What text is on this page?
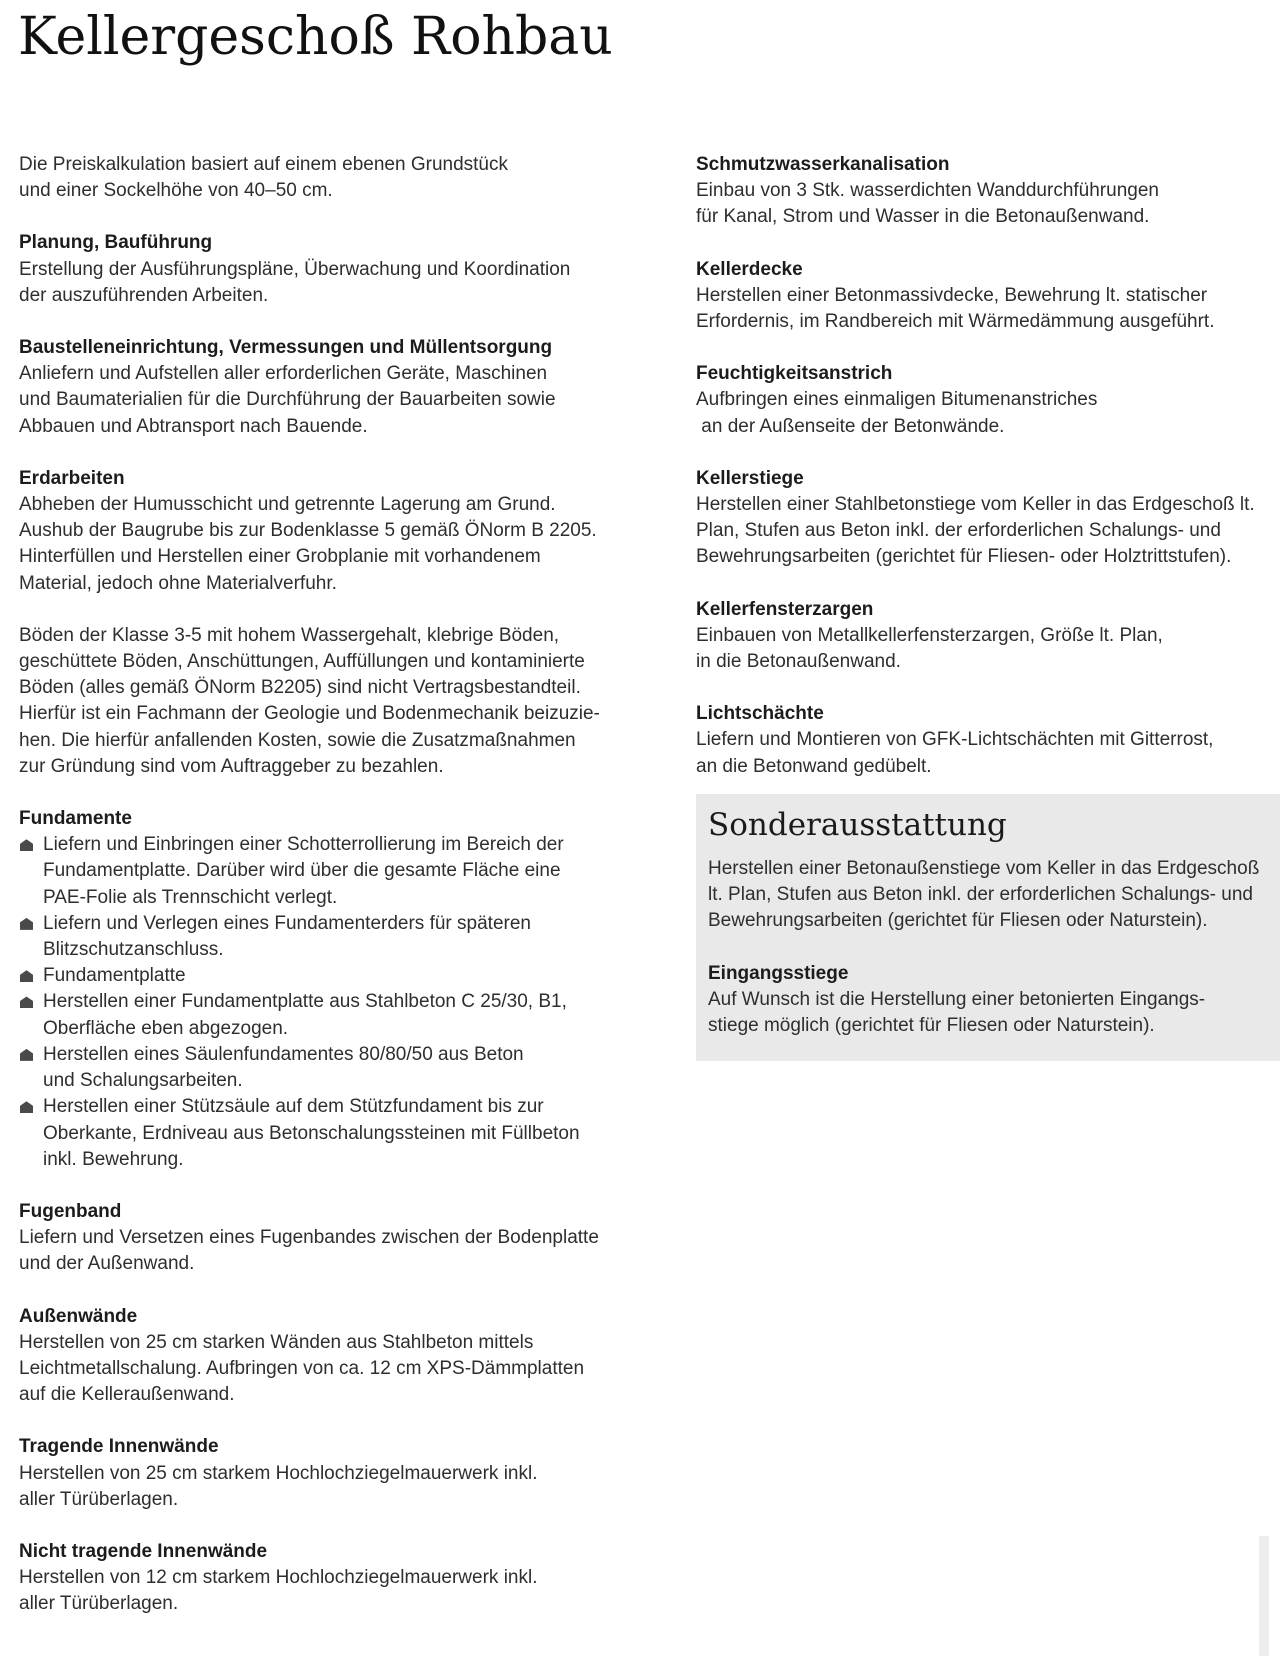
Kellergeschoß Rohbau
Die Preiskalkulation basiert auf einem ebenen Grundstück
und einer Sockelhöhe von 40–50 cm.
Planung, Bauführung
Erstellung der Ausführungspläne, Überwachung und Koordination
der auszuführenden Arbeiten.
Baustelleneinrichtung, Vermessungen und Müllentsorgung
Anliefern und Aufstellen aller erforderlichen Geräte, Maschinen
und Baumaterialien für die Durchführung der Bauarbeiten sowie
Abbauen und Abtransport nach Bauende.
Erdarbeiten
Abheben der Humusschicht und getrennte Lagerung am Grund.
Aushub der Baugrube bis zur Bodenklasse 5 gemäß ÖNorm B 2205.
Hinterfüllen und Herstellen einer Grobplanie mit vorhandenem
Material, jedoch ohne Materialverfuhr.
Böden der Klasse 3-5 mit hohem Wassergehalt, klebrige Böden,
geschüttete Böden, Anschüttungen, Auffüllungen und kontaminierte
Böden (alles gemäß ÖNorm B2205) sind nicht Vertragsbestandteil.
Hierfür ist ein Fachmann der Geologie und Bodenmechanik beizuzie-
hen. Die hierfür anfallenden Kosten, sowie die Zusatzmaßnahmen
zur Gründung sind vom Auftraggeber zu bezahlen.
Fundamente
Liefern und Einbringen einer Schotterrollierung im Bereich der
Fundamentplatte. Darüber wird über die gesamte Fläche eine
PAE-Folie als Trennschicht verlegt.
Liefern und Verlegen eines Fundamenterders für späteren
Blitzschutzanschluss.
Fundamentplatte
Herstellen einer Fundamentplatte aus Stahlbeton C 25/30, B1,
Oberfläche eben abgezogen.
Herstellen eines Säulenfundamentes 80/80/50 aus Beton
und Schalungsarbeiten.
Herstellen einer Stützsäule auf dem Stützfundament bis zur
Oberkante, Erdniveau aus Betonschalungssteinen mit Füllbeton
inkl. Bewehrung.
Fugenband
Liefern und Versetzen eines Fugenbandes zwischen der Bodenplatte
und der Außenwand.
Außenwände
Herstellen von 25 cm starken Wänden aus Stahlbeton mittels
Leichtmetallschalung. Aufbringen von ca. 12 cm XPS-Dämmplatten
auf die Kelleraußenwand.
Tragende Innenwände
Herstellen von 25 cm starkem Hochlochziegelmauerwerk inkl.
aller Türüberlagen.
Nicht tragende Innenwände
Herstellen von 12 cm starkem Hochlochziegelmauerwerk inkl.
aller Türüberlagen.
Schmutzwasserkanalisation
Einbau von 3 Stk. wasserdichten Wanddurchführungen
für Kanal, Strom und Wasser in die Betonaußenwand.
Kellerdecke
Herstellen einer Betonmassivdecke, Bewehrung lt. statischer
Erfordernis, im Randbereich mit Wärmedämmung ausgeführt.
Feuchtigkeitsanstrich
Aufbringen eines einmaligen Bitumenanstriches
an der Außenseite der Betonwände.
Kellerstiege
Herstellen einer Stahlbetonstiege vom Keller in das Erdgeschoß lt.
Plan, Stufen aus Beton inkl. der erforderlichen Schalungs- und
Bewehrungsarbeiten (gerichtet für Fliesen- oder Holztrittstufen).
Kellerfensterzargen
Einbauen von Metallkellerfensterzargen, Größe lt. Plan,
in die Betonaußenwand.
Lichtschächte
Liefern und Montieren von GFK-Lichtschächten mit Gitterrost,
an die Betonwand gedübelt.
Sonderausstattung
Herstellen einer Betonaußenstiege vom Keller in das Erdgeschoß
lt. Plan, Stufen aus Beton inkl. der erforderlichen Schalungs- und
Bewehrungsarbeiten (gerichtet für Fliesen oder Naturstein).
Eingangsstiege
Auf Wunsch ist die Herstellung einer betonierten Eingangs-
stiege möglich (gerichtet für Fliesen oder Naturstein).
